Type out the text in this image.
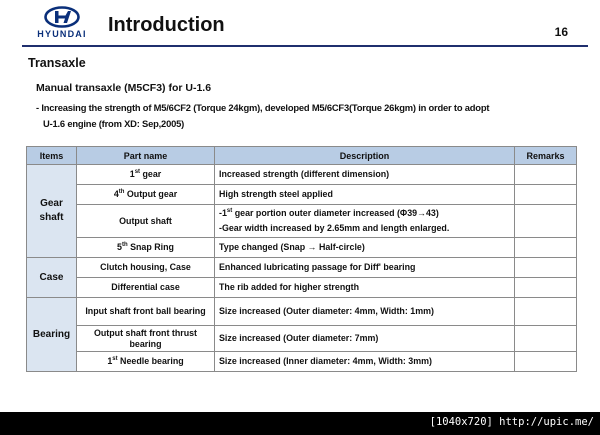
HYUNDAI	Introduction	16
Transaxle
Manual transaxle (M5CF3) for U-1.6
- Increasing the strength of M5/6CF2 (Torque 24kgm), developed M5/6CF3(Torque 26kgm) in order to adopt
U-1.6 engine (from XD: Sep,2005)
Items	Part name	Description	Remarks
Gear shaft	1st gear	Increased strength (different dimension)	
	4th Output gear	High strength steel applied	
	Output shaft	-1st gear portion outer diameter increased (Φ39→43)
-Gear width increased by 2.65mm and length enlarged.	
	5th Snap Ring	Type changed (Snap → Half-circle)	
Case	Clutch housing, Case	Enhanced lubricating passage for Diff' bearing	
	Differential case	The rib added for higher strength	
Bearing	Input shaft front ball bearing	Size increased (Outer diameter: 4mm, Width: 1mm)	
	Output shaft front thrust bearing	Size increased (Outer diameter: 7mm)	
	1st Needle bearing	Size increased (Inner diameter: 4mm, Width: 3mm)	
[1040x720] http://upic.me/
